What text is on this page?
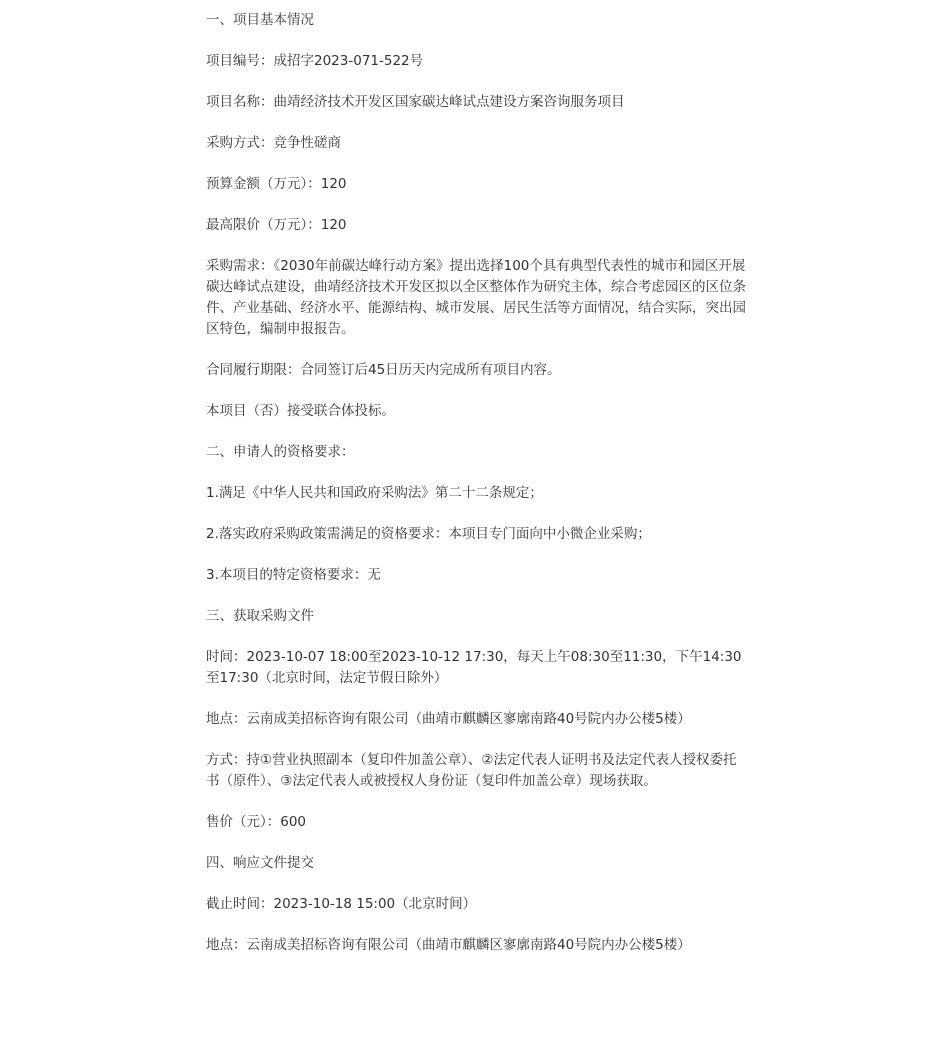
一、项目基本情况

项目编号：成招字2023-071-522号

项目名称：曲靖经济技术开发区国家碳达峰试点建设方案咨询服务项目

采购方式：竞争性磋商

预算金额（万元）：120

最高限价（万元）：120

采购需求：《2030年前碳达峰行动方案》提出选择100个具有典型代表性的城市和园区开展碳达峰试点建设，曲靖经济技术开发区拟以全区整体作为研究主体，综合考虑园区的区位条件、产业基础、经济水平、能源结构、城市发展、居民生活等方面情况，结合实际，突出园区特色，编制申报报告。

合同履行期限：合同签订后45日历天内完成所有项目内容。

本项目（否）接受联合体投标。

二、申请人的资格要求：

1.满足《中华人民共和国政府采购法》第二十二条规定；

2.落实政府采购政策需满足的资格要求：本项目专门面向中小微企业采购；

3.本项目的特定资格要求：无

三、获取采购文件

时间：2023-10-07 18:00至2023-10-12 17:30，每天上午08:30至11:30，下午14:30至17:30（北京时间，法定节假日除外）

地点：云南成美招标咨询有限公司（曲靖市麒麟区寥廓南路40号院内办公楼5楼）

方式：持①营业执照副本（复印件加盖公章）、②法定代表人证明书及法定代表人授权委托书（原件）、③法定代表人或被授权人身份证（复印件加盖公章）现场获取。

售价（元）：600

四、响应文件提交

截止时间：2023-10-18 15:00（北京时间）

地点：云南成美招标咨询有限公司（曲靖市麒麟区寥廓南路40号院内办公楼5楼）
